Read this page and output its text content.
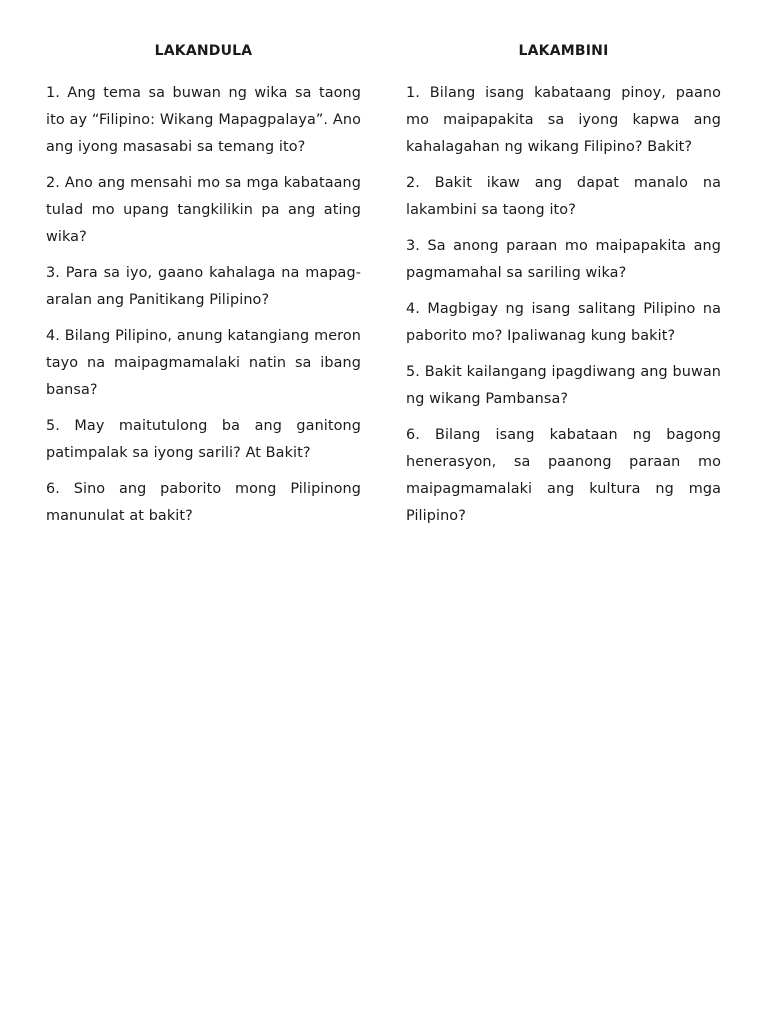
LAKANDULA

1. Ang tema sa buwan ng wika sa taong ito ay “Filipino: Wikang Mapagpalaya”. Ano ang iyong masasabi sa temang ito?

2. Ano ang mensahi mo sa mga kabataang tulad mo upang tangkilikin pa ang ating wika?

3. Para sa iyo, gaano kahalaga na mapag-aralan ang Panitikang Pilipino?

4. Bilang Pilipino, anung katangiang meron tayo na maipagmamalaki natin sa ibang bansa?

5. May maitutulong ba ang ganitong patimpalak sa iyong sarili? At Bakit?

6. Sino ang paborito mong Pilipinong manunulat at bakit?

LAKAMBINI

1. Bilang isang kabataang pinoy, paano mo maipapakita sa iyong kapwa ang kahalagahan ng wikang Filipino? Bakit?

2. Bakit ikaw ang dapat manalo na lakambini sa taong ito?

3. Sa anong paraan mo maipapakita ang pagmamahal sa sariling wika?

4. Magbigay ng isang salitang Pilipino na paborito mo? Ipaliwanag kung bakit?

5. Bakit kailangang ipagdiwang ang buwan ng wikang Pambansa?

6. Bilang isang kabataan ng bagong henerasyon, sa paanong paraan mo maipagmamalaki ang kultura ng mga Pilipino?
